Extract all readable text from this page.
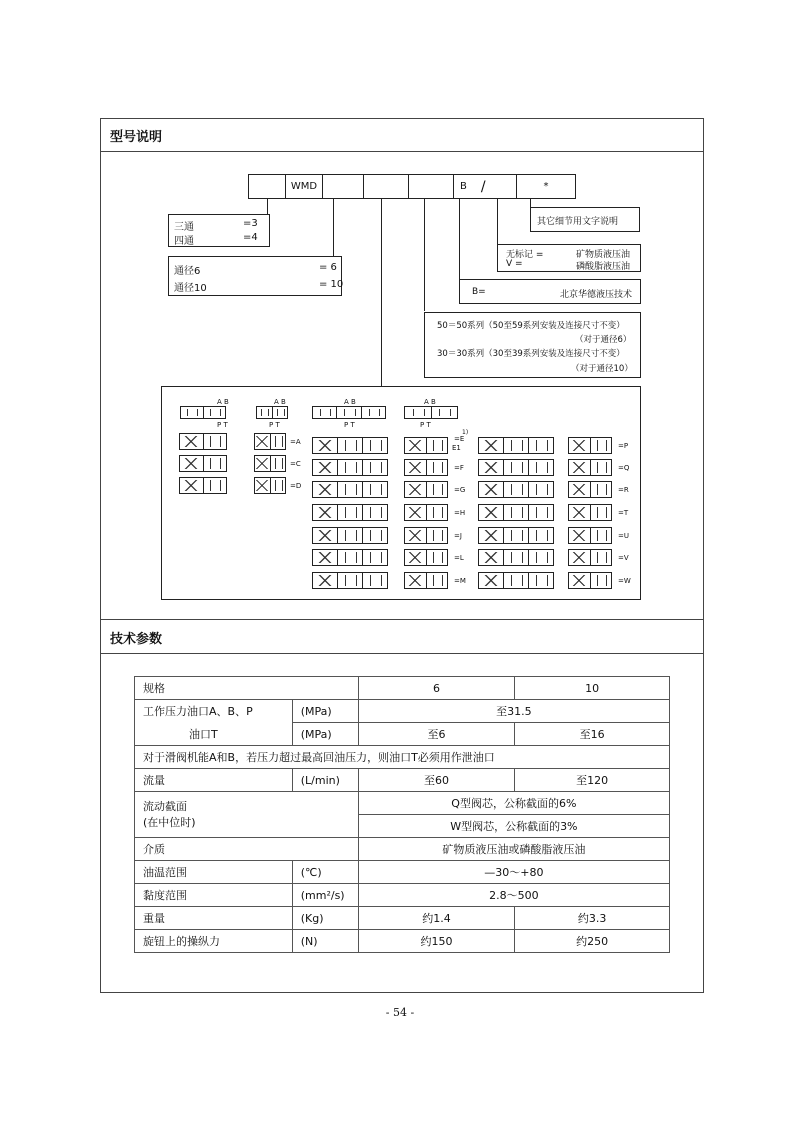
型号说明
WMD	B /	*
三通	=3
四通	=4
通径6	= 6
通径10	= 10
其它细节用文字说明
无标记 =	矿物质液压油
V =	磷酸脂液压油
B=	北京华德液压技术
50＝50系列（50至59系列安装及连接尺寸不变）
（对于通径6）
30＝30系列（30至39系列安装及连接尺寸不变）
（对于通径10）
A B
P T
A B
P T
A B
P T
A B
P T
=A
=C
=D
=E
1)
E1
=F
=G
=H
=J
=L
=M
=P
=Q
=R
=T
=U
=V
=W
技术参数
规格		6	10
工作压力油口A、B、P	(MPa)	至31.5	
油口T	(MPa)	至6	至16
对于滑阀机能A和B，若压力超过最高回油压力，则油口T必须用作泄油口			
流量	(L/min)	至60	至120

流动截面
(在中位时)		Q型阀芯，公称截面的6%	
		W型阀芯，公称截面的3%	
介质		矿物质液压油或磷酸脂液压油	
油温范围	(℃)	—30～+80	
黏度范围	(mm²/s)	2.8～500	
重量	(Kg)	约1.4	约3.3
旋钮上的操纵力	(N)	约150	约250
- 54 -
